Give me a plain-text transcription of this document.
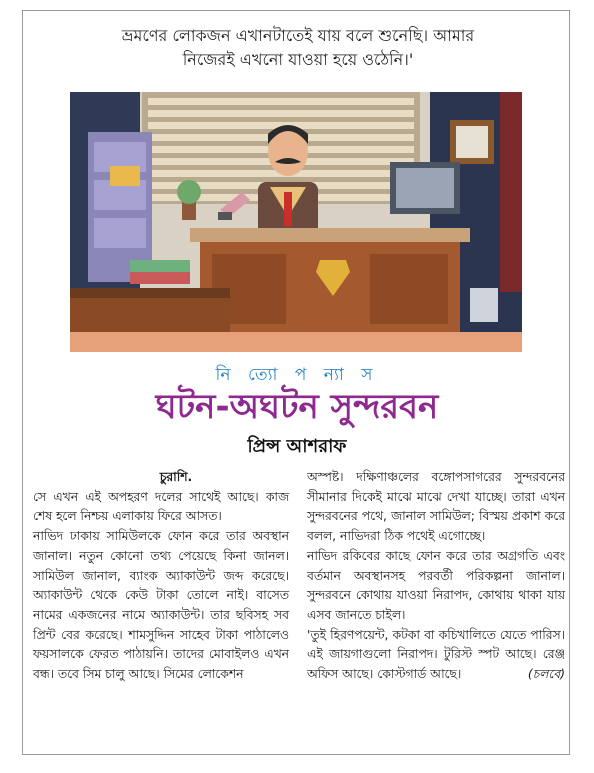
ভ্রমণের লোকজন এখানটাতেই যায় বলে শুনেছি। আমার
নিজেরই এখনো যাওয়া হয়ে ওঠেনি।'
নি ত্যো প ন্যা স
ঘটন-অঘটন সুন্দরবন
প্রিন্স আশরাফ
চুরাশি.

সে এখন এই অপহরণ দলের সাথেই আছে। কাজ শেষ হলে নিশ্চয় এলাকায় ফিরে আসত।

নাভিদ ঢাকায় সামিউলকে ফোন করে তার অবস্থান জানাল। নতুন কোনো তথ্য পেয়েছে কিনা জানল। সামিউল জানাল, ব্যাংক অ্যাকাউন্ট জব্দ করেছে। অ্যাকাউন্ট থেকে কেউ টাকা তোলে নাই। বাসেত নামের একজনের নামে অ্যাকাউন্ট। তার ছবিসহ সব প্রিন্ট বের করেছে। শামসুদ্দিন সাহেব টাকা পাঠালেও ফয়সালকে ফেরত পাঠায়নি। তাদের মোবাইলও এখন বন্ধ। তবে সিম চালু আছে। সিমের লোকেশন

অস্পষ্ট। দক্ষিণাঞ্চলের বঙ্গোপসাগরের সুন্দরবনের সীমানার দিকেই মাঝে মাঝে দেখা যাচ্ছে। তারা এখন সুন্দরবনের পথে, জানাল সামিউল; বিস্ময় প্রকাশ করে বলল, নাভিদরা ঠিক পথেই এগোচ্ছে।

নাভিদ রকিবের কাছে ফোন করে তার অগ্রগতি এবং বর্তমান অবস্থানসহ পরবর্তী পরিকল্পনা জানাল। সুন্দরবনে কোথায় যাওয়া নিরাপদ, কোথায় থাকা যায় এসব জানতে চাইল।

'তুই হিরণপয়েন্ট, কটকা বা কচিখালিতে যেতে পারিস। এই জায়গাগুলো নিরাপদ। টুরিস্ট স্পট আছে। রেঞ্জ অফিস আছে। কোস্টগার্ড আছে।	(চলবে)
